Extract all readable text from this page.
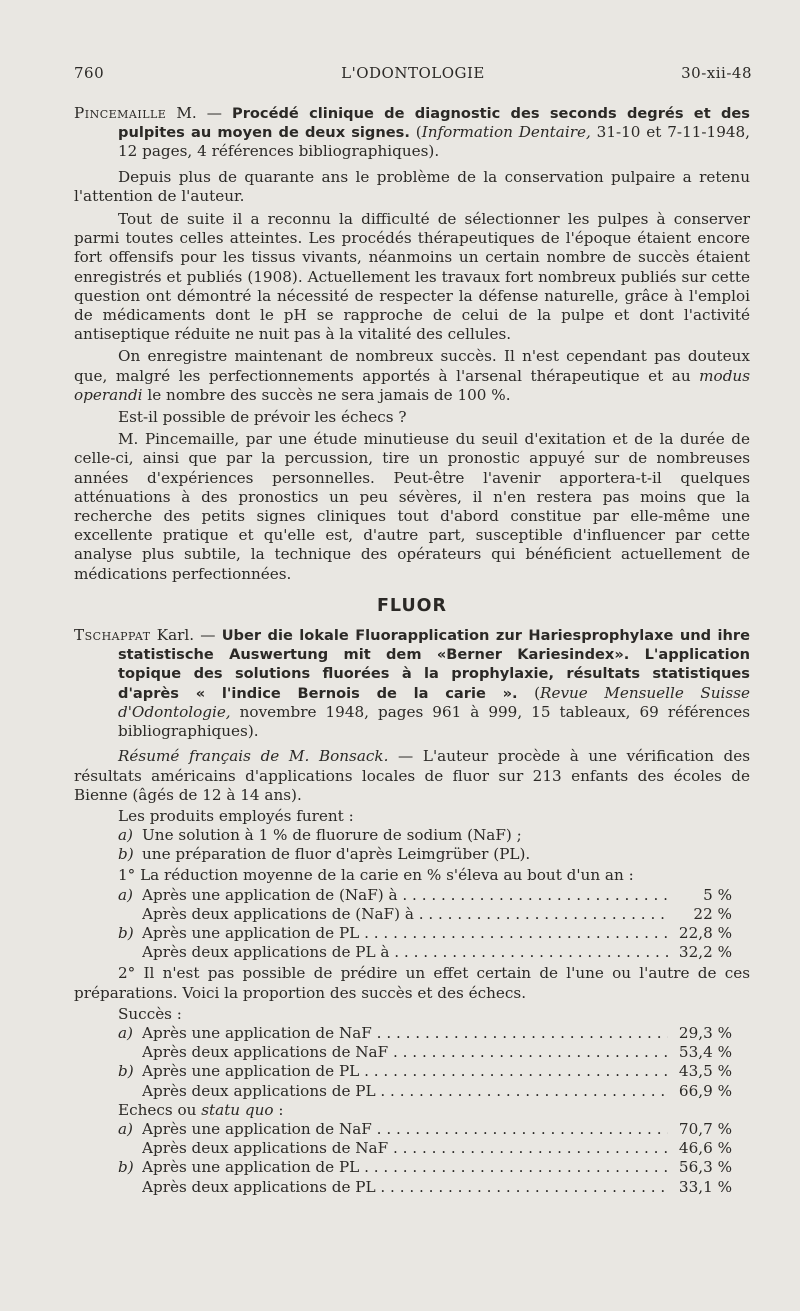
760	L'ODONTOLOGIE	30-xii-48

Pincemaille M. — Procédé clinique de diagnostic des seconds degrés et des pulpites au moyen de deux signes. (Information Dentaire, 31-10 et 7-11-1948, 12 pages, 4 références bibliographiques).

Depuis plus de quarante ans le problème de la conservation pulpaire a retenu l'attention de l'auteur.

Tout de suite il a reconnu la difficulté de sélectionner les pulpes à conserver parmi toutes celles atteintes. Les procédés thérapeutiques de l'époque étaient encore fort offensifs pour les tissus vivants, néanmoins un certain nombre de succès étaient enregistrés et publiés (1908). Actuellement les travaux fort nombreux publiés sur cette question ont démontré la nécessité de respecter la défense naturelle, grâce à l'emploi de médicaments dont le pH se rapproche de celui de la pulpe et dont l'activité antiseptique réduite ne nuit pas à la vitalité des cellules.

On enregistre maintenant de nombreux succès. Il n'est cependant pas douteux que, malgré les perfectionnements apportés à l'arsenal thérapeutique et au modus operandi le nombre des succès ne sera jamais de 100 %.

Est-il possible de prévoir les échecs ?

M. Pincemaille, par une étude minutieuse du seuil d'exitation et de la durée de celle-ci, ainsi que par la percussion, tire un pronostic appuyé sur de nombreuses années d'expériences personnelles. Peut-être l'avenir apportera-t-il quelques atténuations à des pronostics un peu sévères, il n'en restera pas moins que la recherche des petits signes cliniques tout d'abord constitue par elle-même une excellente pratique et qu'elle est, d'autre part, susceptible d'influencer par cette analyse plus subtile, la technique des opérateurs qui bénéficient actuellement de médications perfectionnées.

FLUOR

Tschappat Karl. — Uber die lokale Fluorapplication zur Hariesprophylaxe und ihre statistische Auswertung mit dem «Berner Kariesindex». L'application topique des solutions fluorées à la prophylaxie, résultats statistiques d'après « l'indice Bernois de la carie ». (Revue Mensuelle Suisse d'Odontologie, novembre 1948, pages 961 à 999, 15 tableaux, 69 références bibliographiques).

Résumé français de M. Bonsack. — L'auteur procède à une vérification des résultats américains d'applications locales de fluor sur 213 enfants des écoles de Bienne (âgés de 12 à 14 ans).

Les produits employés furent :

a) Une solution à 1 % de fluorure de sodium (NaF) ;
b) une préparation de fluor d'après Leimgrüber (PL).

1° La réduction moyenne de la carie en % s'éleva au bout d'un an :

a) Après une application de (NaF) à . . .	5 %
Après deux applications de (NaF) à . . .	22 %
b) Après une application de PL . . .	22,8 %
Après deux applications de PL à . . .	32,2 %

2° Il n'est pas possible de prédire un effet certain de l'une ou l'autre de ces préparations. Voici la proportion des succès et des échecs.

Succès :

a) Après une application de NaF . . .	29,3 %
Après deux applications de NaF . . .	53,4 %
b) Après une application de PL . . .	43,5 %
Après deux applications de PL . . .	66,9 %

Echecs ou statu quo :

a) Après une application de NaF . . .	70,7 %
Après deux applications de NaF . . .	46,6 %
b) Après une application de PL . . .	56,3 %
Après deux applications de PL . . .	33,1 %
